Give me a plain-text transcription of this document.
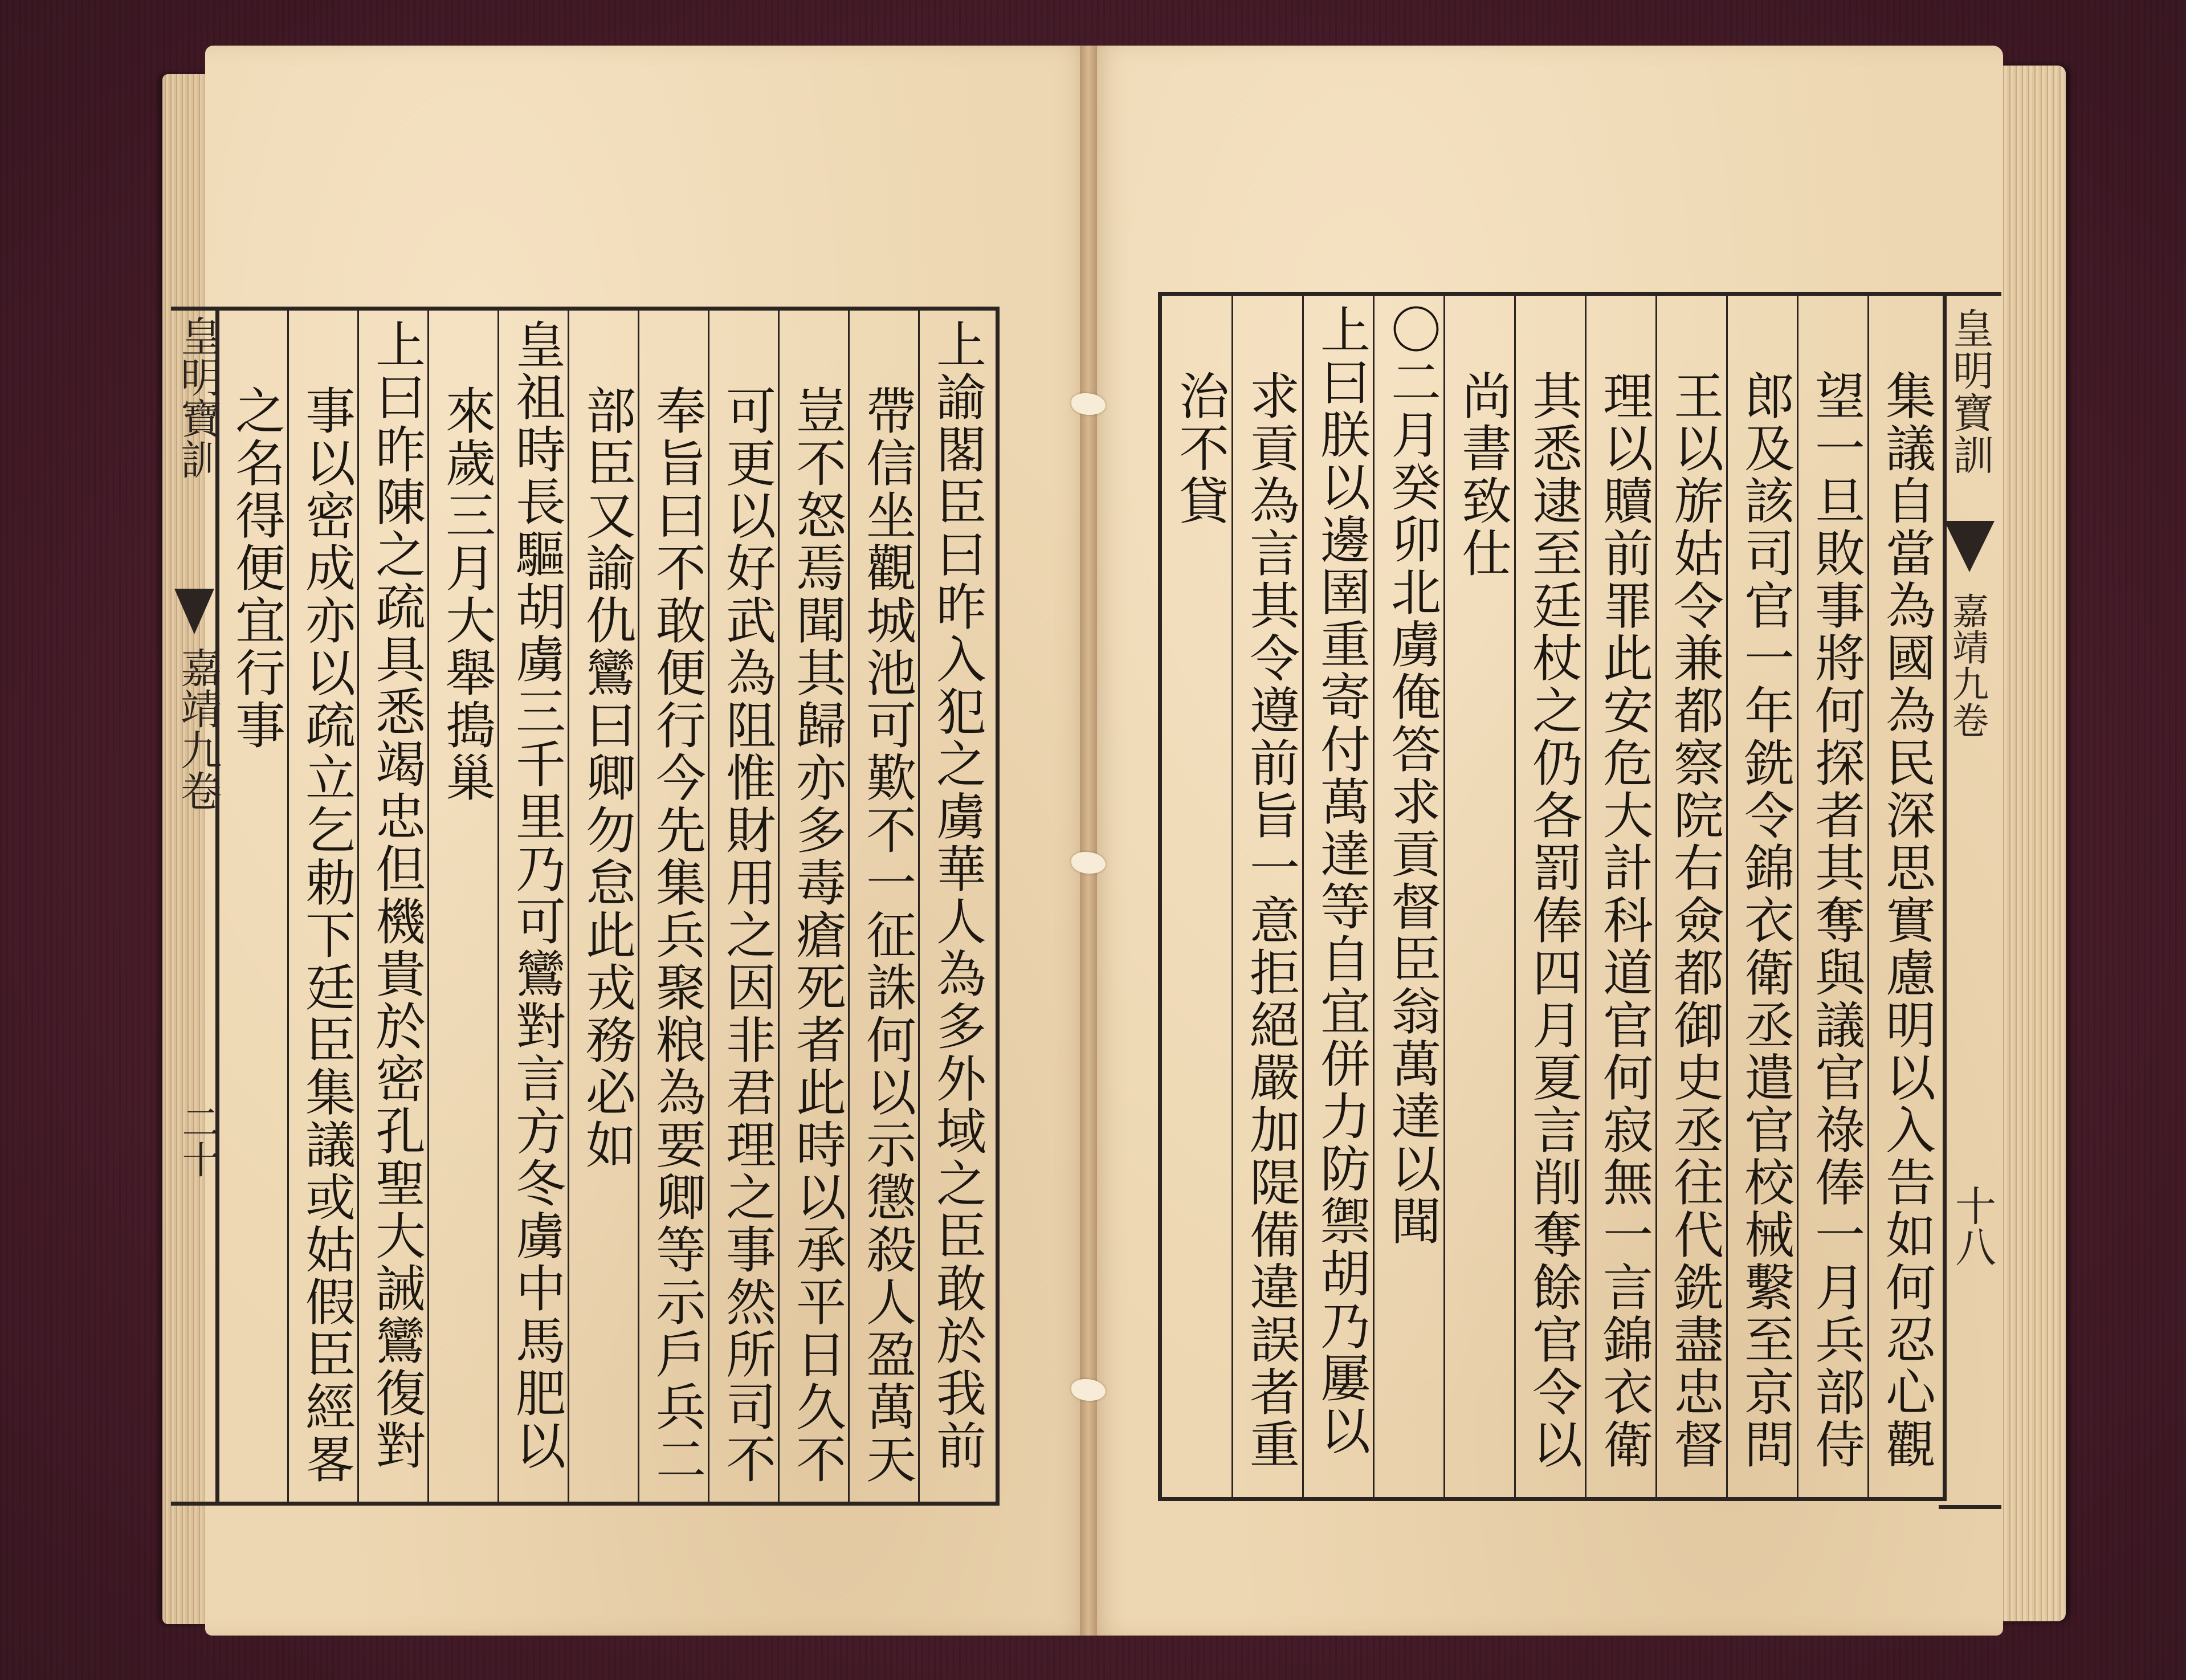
皇明寶訓
嘉靖九卷
二十	上諭閣臣曰昨入犯之虜華人為多外域之臣敢於我前
帶信坐觀城池可歎不一征誅何以示懲殺人盈萬天
豈不怒焉聞其歸亦多毒瘡死者此時以承平日久不
可更以好武為阻惟財用之因非君理之事然所司不
奉旨曰不敢便行今先集兵聚粮為要卿等示戶兵二
部臣又諭仇鸞曰卿勿怠此戎務必如
皇祖時長驅胡虜三千里乃可鸞對言方冬虜中馬肥以
來歲三月大舉搗巢
上曰昨陳之疏具悉竭忠但機貴於密孔聖大誡鸞復對
事以密成亦以疏立乞勅下廷臣集議或姑假臣經畧
之名得便宜行事	集議自當為國為民深思實慮明以入告如何忍心觀
望一旦敗事將何探者其奪與議官祿俸一月兵部侍
郎及該司官一年銑令錦衣衛丞遣官校械繫至京問
王以旂姑令兼都察院右僉都御史丞往代銑盡忠督
理以贖前罪此安危大計科道官何寂無一言錦衣衛
其悉逮至廷杖之仍各罰俸四月夏言削奪餘官令以
尚書致仕
〇二月癸卯北虜俺答求貢督臣翁萬達以聞
上曰朕以邊圉重寄付萬達等自宜併力防禦胡乃屢以
求貢為言其令遵前旨一意拒絕嚴加隄備違誤者重
治不貸	皇明寶訓
嘉靖九卷
十八
